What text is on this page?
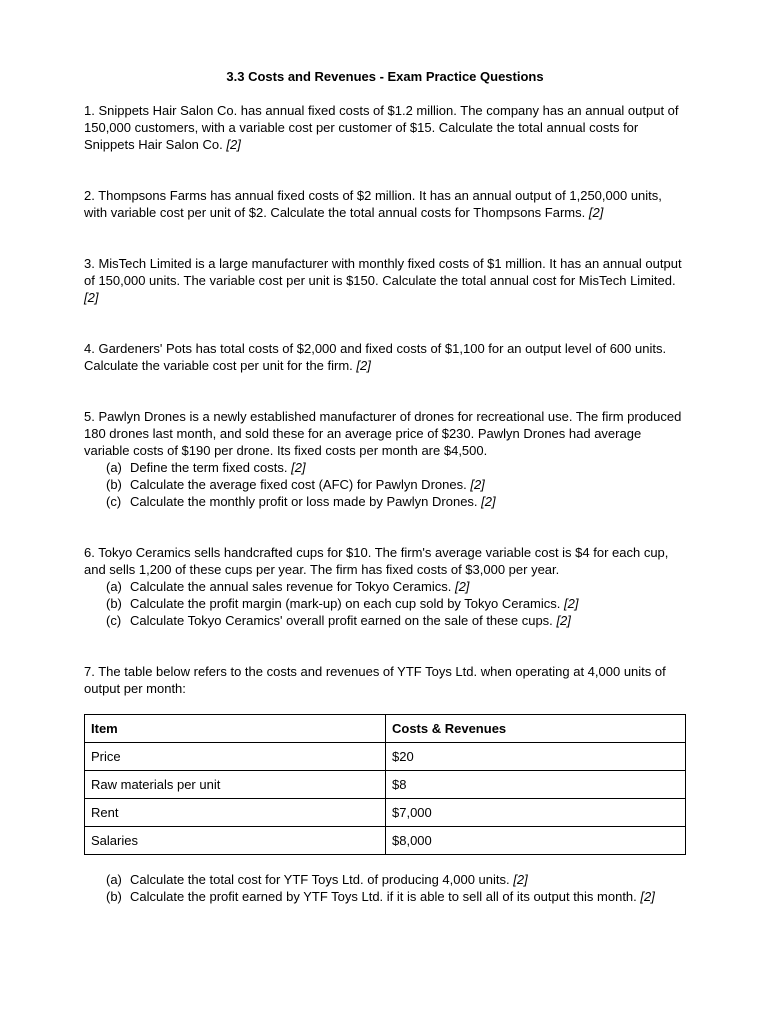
3.3 Costs and Revenues - Exam Practice Questions

1. Snippets Hair Salon Co. has annual fixed costs of $1.2 million. The company has an annual output of 150,000 customers, with a variable cost per customer of $15. Calculate the total annual costs for Snippets Hair Salon Co. [2]

2. Thompsons Farms has annual fixed costs of $2 million. It has an annual output of 1,250,000 units, with variable cost per unit of $2. Calculate the total annual costs for Thompsons Farms. [2]

3. MisTech Limited is a large manufacturer with monthly fixed costs of $1 million. It has an annual output of 150,000 units. The variable cost per unit is $150. Calculate the total annual cost for MisTech Limited. [2]

4. Gardeners' Pots has total costs of $2,000 and fixed costs of $1,100 for an output level of 600 units. Calculate the variable cost per unit for the firm. [2]

5. Pawlyn Drones is a newly established manufacturer of drones for recreational use. The firm produced 180 drones last month, and sold these for an average price of $230. Pawlyn Drones had average variable costs of $190 per drone. Its fixed costs per month are $4,500.

(a) Define the term fixed costs. [2]
(b) Calculate the average fixed cost (AFC) for Pawlyn Drones. [2]
(c) Calculate the monthly profit or loss made by Pawlyn Drones. [2]

6. Tokyo Ceramics sells handcrafted cups for $10. The firm's average variable cost is $4 for each cup, and sells 1,200 of these cups per year. The firm has fixed costs of $3,000 per year.

(a) Calculate the annual sales revenue for Tokyo Ceramics. [2]
(b) Calculate the profit margin (mark-up) on each cup sold by Tokyo Ceramics. [2]
(c) Calculate Tokyo Ceramics' overall profit earned on the sale of these cups. [2]

7. The table below refers to the costs and revenues of YTF Toys Ltd. when operating at 4,000 units of output per month:

Item	Costs & Revenues
Price	$20
Raw materials per unit	$8
Rent	$7,000
Salaries	$8,000
(a) Calculate the total cost for YTF Toys Ltd. of producing 4,000 units. [2]
(b) Calculate the profit earned by YTF Toys Ltd. if it is able to sell all of its output this month. [2]
